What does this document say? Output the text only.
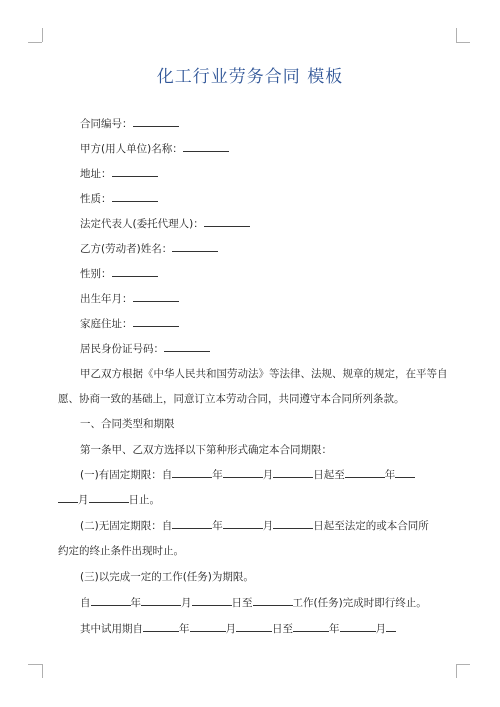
化工行业劳务合同 模板
合同编号：
甲方(用人单位)名称：
地址：
性质：
法定代表人(委托代理人)：
乙方(劳动者)姓名：
性别：
出生年月：
家庭住址：
居民身份证号码：
甲乙双方根据《中华人民共和国劳动法》等法律、法规、规章的规定，在平等自
愿、协商一致的基础上，同意订立本劳动合同，共同遵守本合同所列条款。
一、合同类型和期限
第一条甲、乙双方选择以下第种形式确定本合同期限：
(一)有固定期限：自	年	月	日起至	年
月	日止。
(二)无固定期限：自	年	月	日起至法定的或本合同所
约定的终止条件出现时止。
(三)以完成一定的工作(任务)为期限。
自	年	月	日至	工作(任务)完成时即行终止。
其中试用期自	年	月	日至	年	月
